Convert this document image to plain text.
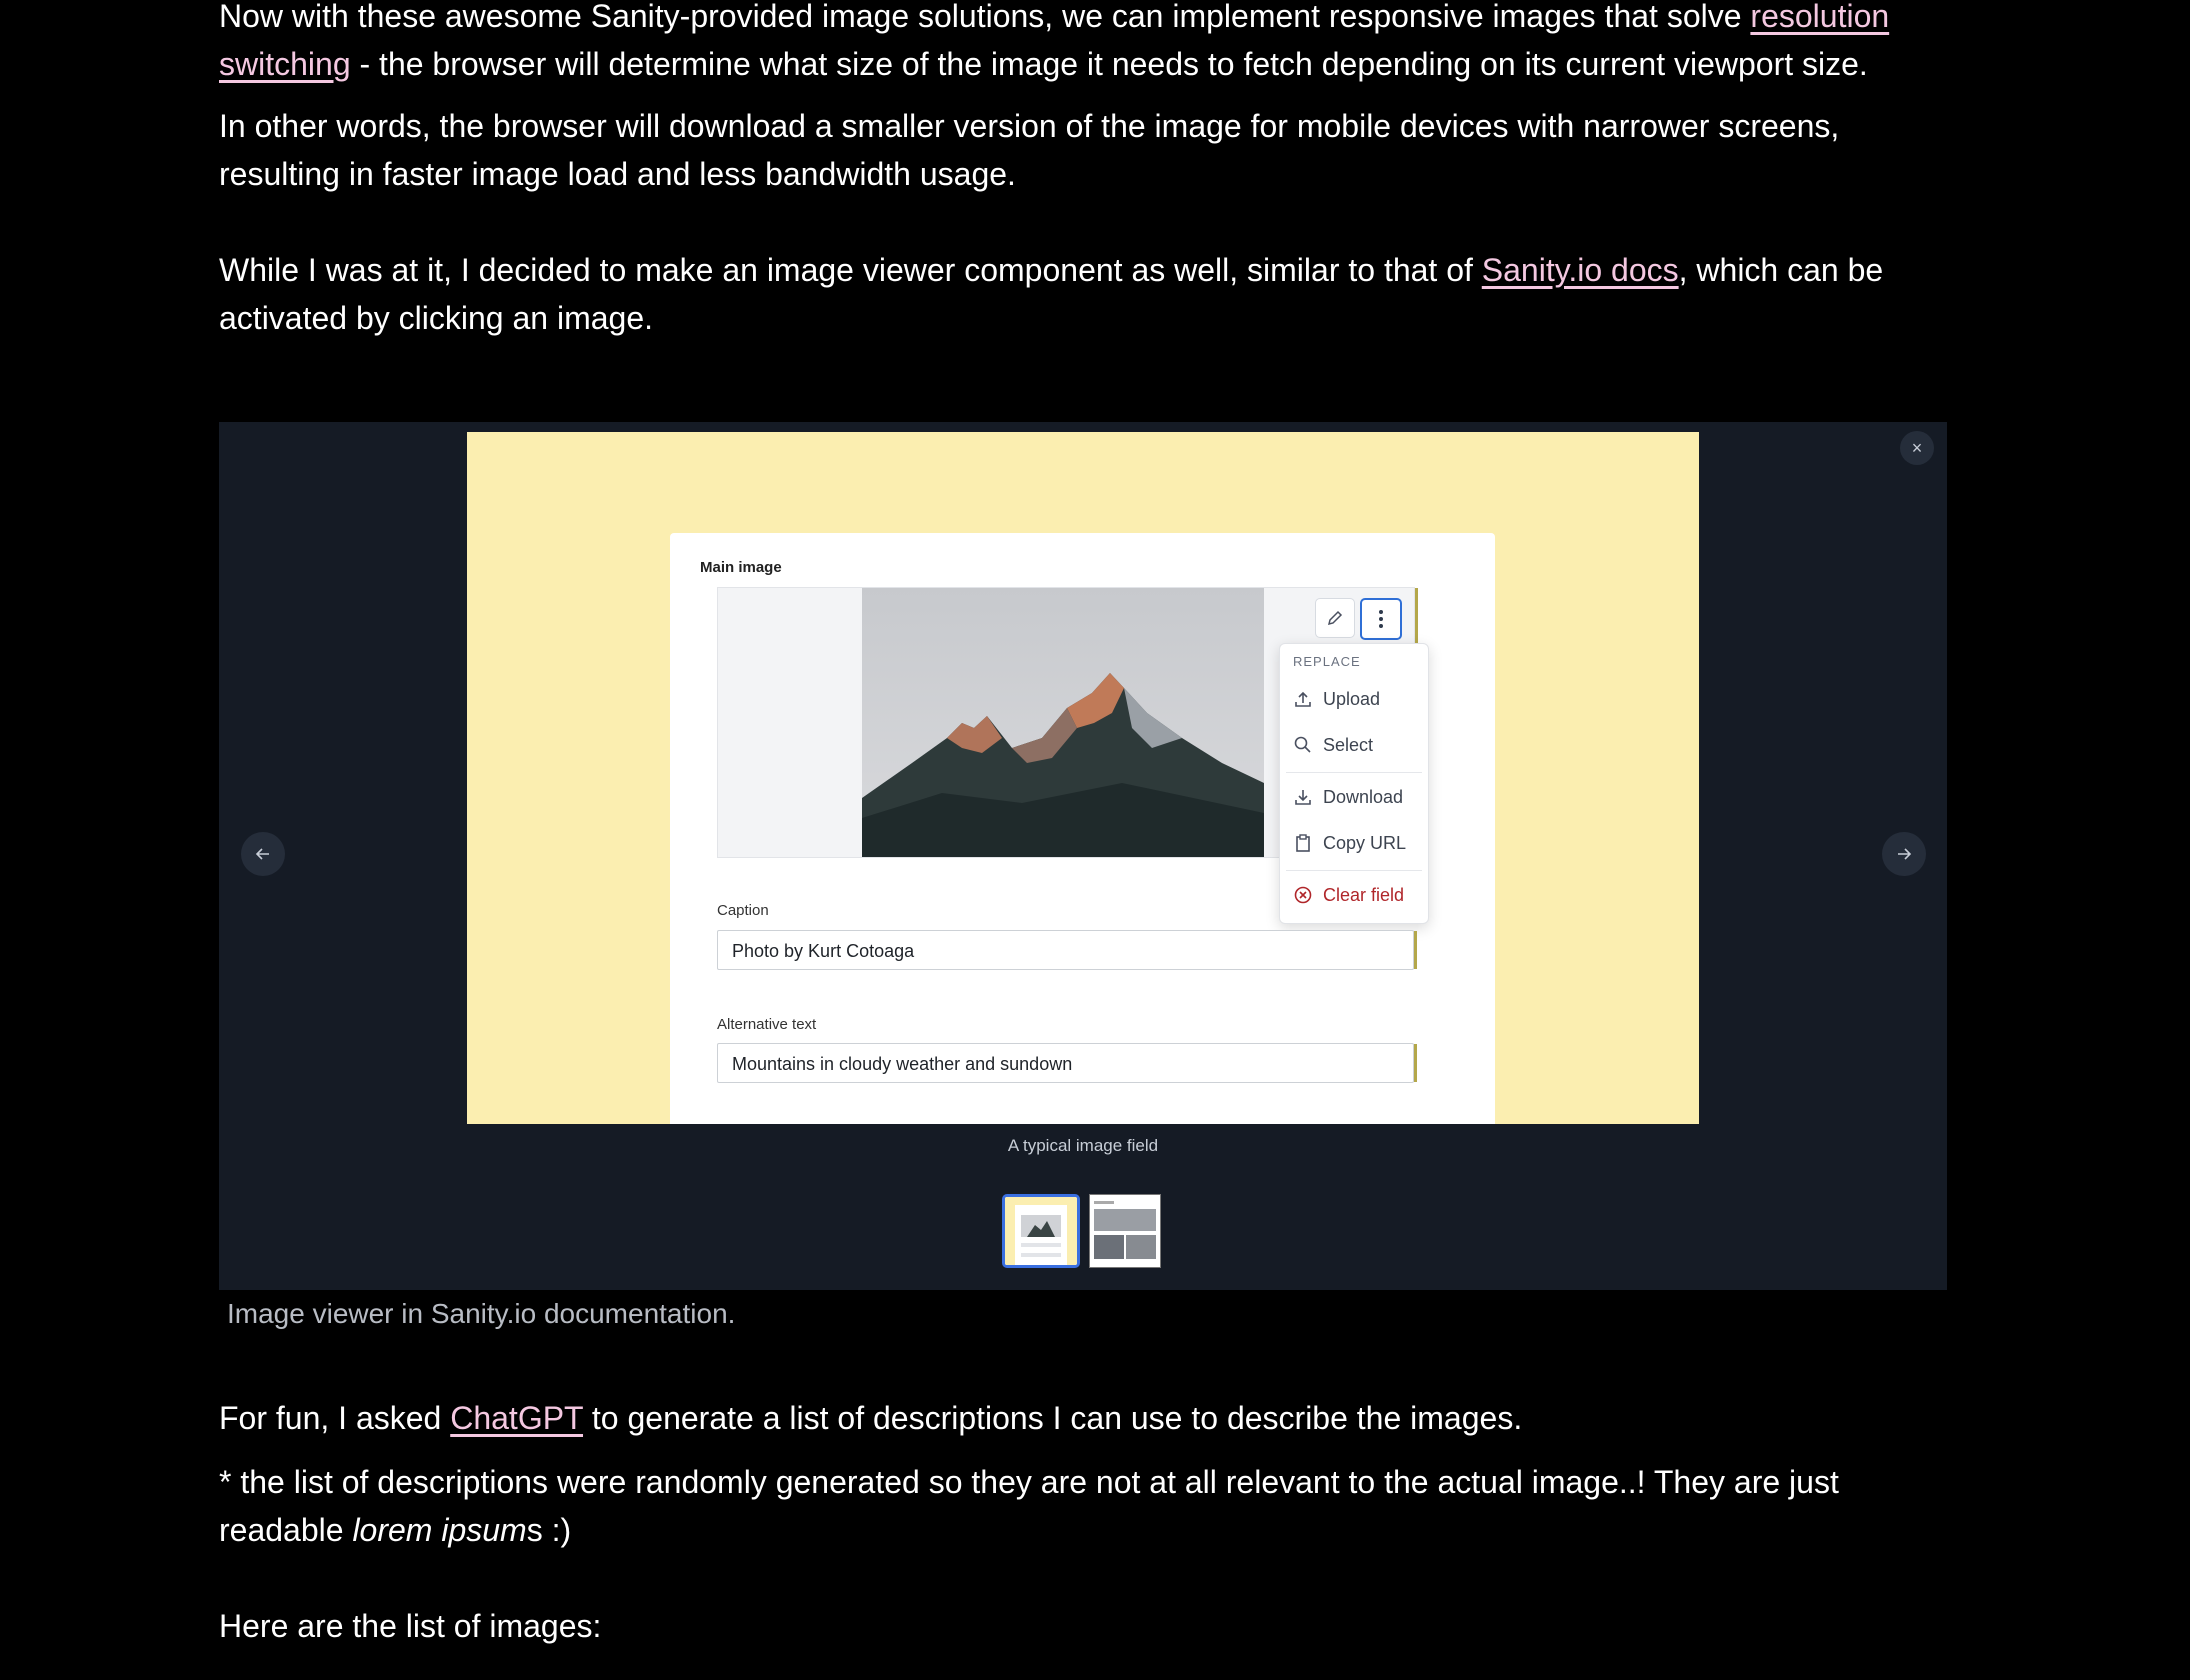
Now with these awesome Sanity-provided image solutions, we can implement responsive images that solve resolution switching - the browser will determine what size of the image it needs to fetch depending on its current viewport size.

In other words, the browser will download a smaller version of the image for mobile devices with narrower screens, resulting in faster image load and less bandwidth usage.

While I was at it, I decided to make an image viewer component as well, similar to that of Sanity.io docs, which can be activated by clicking an image.

Main image
REPLACE
Upload
Select
Download
Copy URL
Clear field
Caption
Photo by Kurt Cotoaga
Alternative text
Mountains in cloudy weather and sundown
×
A typical image field
Image viewer in Sanity.io documentation.

For fun, I asked ChatGPT to generate a list of descriptions I can use to describe the images.

* the list of descriptions were randomly generated so they are not at all relevant to the actual image..! They are just readable lorem ipsums :)

Here are the list of images:
